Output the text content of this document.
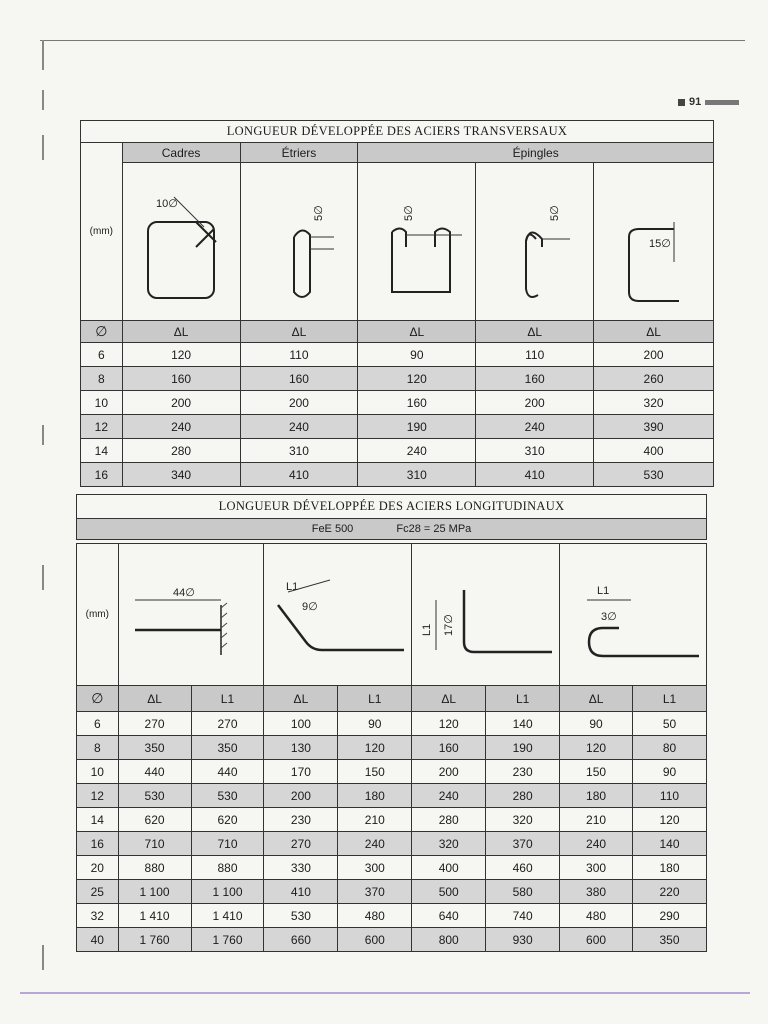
91
LONGUEUR DÉVELOPPÉE DES ACIERS TRANSVERSAUX					
(mm)	Cadres	Étriers	Épingles		

10∅	5∅	5∅	5∅	15∅

∅	ΔL	ΔL	ΔL	ΔL	ΔL
6	120	110	90	110	200
8	160	160	120	160	260
10	200	200	160	200	320
12	240	240	190	240	390
14	280	310	240	310	400
16	340	410	310	410	530
LONGUEUR DÉVELOPPÉE DES ACIERS LONGITUDINAUX
FeE 500	Fc28 = 25 MPa
(mm)	44∅		L1
9∅		L1 17∅		L1
3∅	

∅	ΔL	L1	ΔL	L1	ΔL	L1	ΔL	L1
6	270	270	100	90	120	140	90	50
8	350	350	130	120	160	190	120	80
10	440	440	170	150	200	230	150	90
12	530	530	200	180	240	280	180	110
14	620	620	230	210	280	320	210	120
16	710	710	270	240	320	370	240	140
20	880	880	330	300	400	460	300	180
25	1 100	1 100	410	370	500	580	380	220
32	1 410	1 410	530	480	640	740	480	290
40	1 760	1 760	660	600	800	930	600	350
